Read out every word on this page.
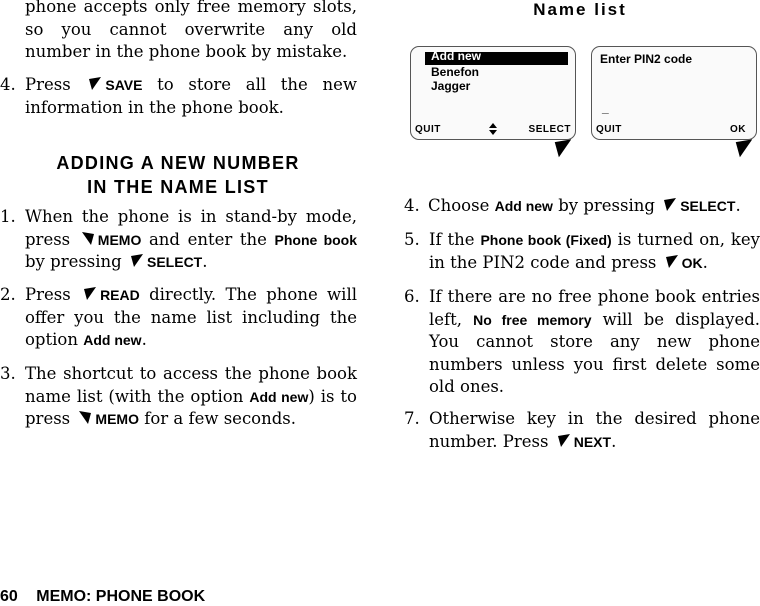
phone accepts only free memory slots, so you cannot overwrite any old number in the phone book by mistake.
4. Press SAVE to store all the new information in the phone book.
ADDING A NEW NUMBER
IN THE NAME LIST
1. When the phone is in stand-by mode, press MEMO and enter the Phone book by pressing SELECT.
2. Press READ directly. The phone will offer you the name list including the option Add new.
3. The shortcut to access the phone book name list (with the option Add new) is to press MEMO for a few seconds.
Name list
Add new
Benefon
Jagger
QUIT	SELECT
Enter PIN2 code
_
QUIT	OK
4. Choose Add new by pressing SELECT.
5. If the Phone book (Fixed) is turned on, key in the PIN2 code and press OK.
6. If there are no free phone book entries left, No free memory will be displayed. You cannot store any new phone numbers unless you first delete some old ones.
7. Otherwise key in the desired phone number. Press NEXT.
60 MEMO: PHONE BOOK
